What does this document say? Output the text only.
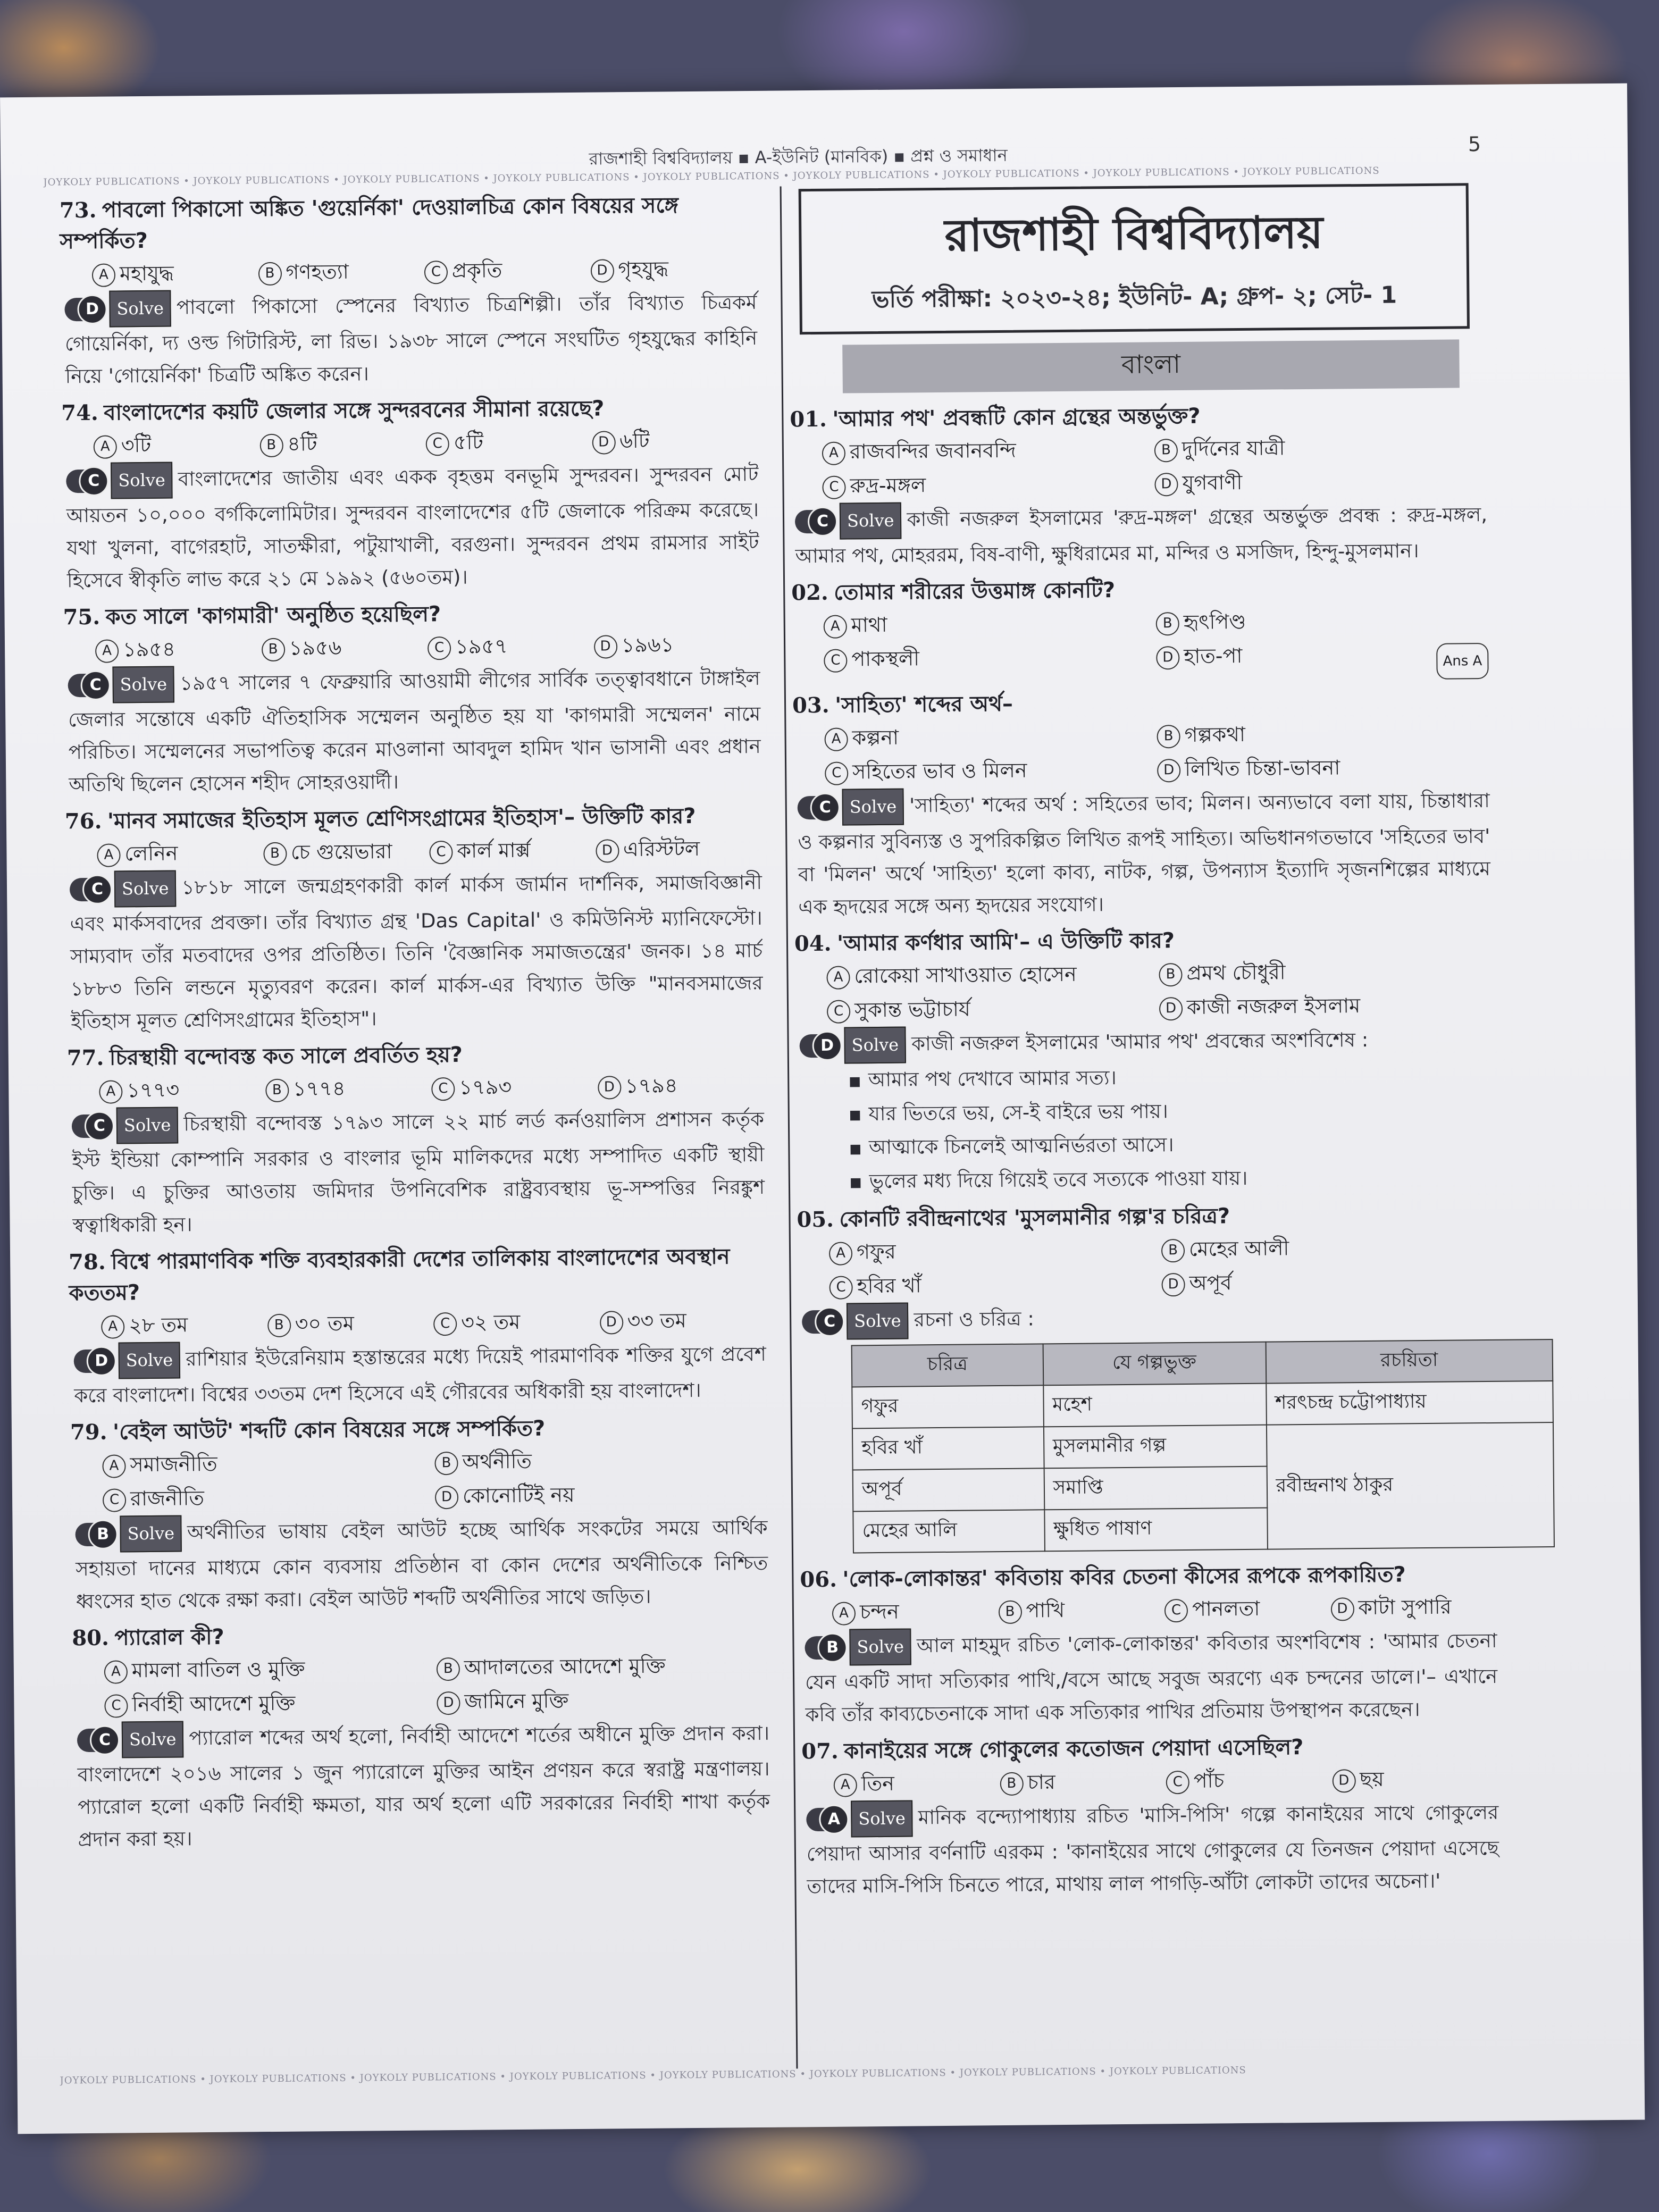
রাজশাহী বিশ্ববিদ্যালয় ▪ A-ইউনিট (মানবিক) ▪ প্রশ্ন ও সমাধান
5
JOYKOLY PUBLICATIONS • JOYKOLY PUBLICATIONS • JOYKOLY PUBLICATIONS • JOYKOLY PUBLICATIONS • JOYKOLY PUBLICATIONS • JOYKOLY PUBLICATIONS • JOYKOLY PUBLICATIONS • JOYKOLY PUBLICATIONS • JOYKOLY PUBLICATIONS
73. পাবলো পিকাসো অঙ্কিত 'গুয়ের্নিকা' দেওয়ালচিত্র কোন বিষয়ের সঙ্গে সম্পর্কিত?
A মহাযুদ্ধ	B গণহত্যা	C প্রকৃতি	D গৃহযুদ্ধ
D	Solve পাবলো পিকাসো স্পেনের বিখ্যাত চিত্রশিল্পী। তাঁর বিখ্যাত চিত্রকর্ম গোয়ের্নিকা, দ্য ওল্ড গিটারিস্ট, লা রিভ। ১৯৩৮ সালে স্পেনে সংঘটিত গৃহযুদ্ধের কাহিনি নিয়ে 'গোয়ের্নিকা' চিত্রটি অঙ্কিত করেন।
74. বাংলাদেশের কয়টি জেলার সঙ্গে সুন্দরবনের সীমানা রয়েছে?
A ৩টি	B ৪টি	C ৫টি	D ৬টি
C	Solve বাংলাদেশের জাতীয় এবং একক বৃহত্তম বনভূমি সুন্দরবন। সুন্দরবন মোট আয়তন ১০,০০০ বর্গকিলোমিটার। সুন্দরবন বাংলাদেশের ৫টি জেলাকে পরিক্রম করেছে। যথা খুলনা, বাগেরহাট, সাতক্ষীরা, পটুয়াখালী, বরগুনা। সুন্দরবন প্রথম রামসার সাইট হিসেবে স্বীকৃতি লাভ করে ২১ মে ১৯৯২ (৫৬০তম)।
75. কত সালে 'কাগমারী' অনুষ্ঠিত হয়েছিল?
A ১৯৫৪	B ১৯৫৬	C ১৯৫৭	D ১৯৬১
C	Solve ১৯৫৭ সালের ৭ ফেব্রুয়ারি আওয়ামী লীগের সার্বিক তত্ত্বাবধানে টাঙ্গাইল জেলার সন্তোষে একটি ঐতিহাসিক সম্মেলন অনুষ্ঠিত হয় যা 'কাগমারী সম্মেলন' নামে পরিচিত। সম্মেলনের সভাপতিত্ব করেন মাওলানা আবদুল হামিদ খান ভাসানী এবং প্রধান অতিথি ছিলেন হোসেন শহীদ সোহরওয়ার্দী।
76. 'মানব সমাজের ইতিহাস মূলত শ্রেণিসংগ্রামের ইতিহাস'– উক্তিটি কার?
A লেনিন	B চে গুয়েভারা	C কার্ল মার্ক্স	D এরিস্টটল
C	Solve ১৮১৮ সালে জন্মগ্রহণকারী কার্ল মার্কস জার্মান দার্শনিক, সমাজবিজ্ঞানী এবং মার্কসবাদের প্রবক্তা। তাঁর বিখ্যাত গ্রন্থ 'Das Capital' ও কমিউনিস্ট ম্যানিফেস্টো। সাম্যবাদ তাঁর মতবাদের ওপর প্রতিষ্ঠিত। তিনি 'বৈজ্ঞানিক সমাজতন্ত্রের' জনক। ১৪ মার্চ ১৮৮৩ তিনি লন্ডনে মৃত্যুবরণ করেন। কার্ল মার্কস-এর বিখ্যাত উক্তি "মানবসমাজের ইতিহাস মূলত শ্রেণিসংগ্রামের ইতিহাস"।
77. চিরস্থায়ী বন্দোবস্ত কত সালে প্রবর্তিত হয়?
A ১৭৭৩	B ১৭৭৪	C ১৭৯৩	D ১৭৯৪
C	Solve চিরস্থায়ী বন্দোবস্ত ১৭৯৩ সালে ২২ মার্চ লর্ড কর্নওয়ালিস প্রশাসন কর্তৃক ইস্ট ইন্ডিয়া কোম্পানি সরকার ও বাংলার ভূমি মালিকদের মধ্যে সম্পাদিত একটি স্থায়ী চুক্তি। এ চুক্তির আওতায় জমিদার উপনিবেশিক রাষ্ট্রব্যবস্থায় ভূ-সম্পত্তির নিরঙ্কুশ স্বত্বাধিকারী হন।
78. বিশ্বে পারমাণবিক শক্তি ব্যবহারকারী দেশের তালিকায় বাংলাদেশের অবস্থান কততম?
A ২৮ তম	B ৩০ তম	C ৩২ তম	D ৩৩ তম
D	Solve রাশিয়ার ইউরেনিয়াম হস্তান্তরের মধ্যে দিয়েই পারমাণবিক শক্তির যুগে প্রবেশ করে বাংলাদেশ। বিশ্বের ৩৩তম দেশ হিসেবে এই গৌরবের অধিকারী হয় বাংলাদেশ।
79. 'বেইল আউট' শব্দটি কোন বিষয়ের সঙ্গে সম্পর্কিত?
A সমাজনীতি	B অর্থনীতি
C রাজনীতি	D কোনোটিই নয়
B	Solve অর্থনীতির ভাষায় বেইল আউট হচ্ছে আর্থিক সংকটের সময়ে আর্থিক সহায়তা দানের মাধ্যমে কোন ব্যবসায় প্রতিষ্ঠান বা কোন দেশের অর্থনীতিকে নিশ্চিত ধ্বংসের হাত থেকে রক্ষা করা। বেইল আউট শব্দটি অর্থনীতির সাথে জড়িত।
80. প্যারোল কী?
A মামলা বাতিল ও মুক্তি	B আদালতের আদেশে মুক্তি
C নির্বাহী আদেশে মুক্তি	D জামিনে মুক্তি
C	Solve প্যারোল শব্দের অর্থ হলো, নির্বাহী আদেশে শর্তের অধীনে মুক্তি প্রদান করা। বাংলাদেশে ২০১৬ সালের ১ জুন প্যারোলে মুক্তির আইন প্রণয়ন করে স্বরাষ্ট্র মন্ত্রণালয়। প্যারোল হলো একটি নির্বাহী ক্ষমতা, যার অর্থ হলো এটি সরকারের নির্বাহী শাখা কর্তৃক প্রদান করা হয়।
রাজশাহী বিশ্ববিদ্যালয়
ভর্তি পরীক্ষা: ২০২৩-২৪; ইউনিট- A; গ্রুপ- ২; সেট- 1
বাংলা
01. 'আমার পথ' প্রবন্ধটি কোন গ্রন্থের অন্তর্ভুক্ত?
A রাজবন্দির জবানবন্দি	B দুর্দিনের যাত্রী
C রুদ্র-মঙ্গল	D যুগবাণী
C	Solve কাজী নজরুল ইসলামের 'রুদ্র-মঙ্গল' গ্রন্থের অন্তর্ভুক্ত প্রবন্ধ : রুদ্র-মঙ্গল, আমার পথ, মোহররম, বিষ-বাণী, ক্ষুধিরামের মা, মন্দির ও মসজিদ, হিন্দু-মুসলমান।
02. তোমার শরীরের উত্তমাঙ্গ কোনটি?
A মাথা	B হৃৎপিণ্ড
C পাকস্থলী	D হাত-পা	Ans A
03. 'সাহিত্য' শব্দের অর্থ–
A কল্পনা	B গল্পকথা
C সহিতের ভাব ও মিলন	D লিখিত চিন্তা-ভাবনা
C	Solve 'সাহিত্য' শব্দের অর্থ : সহিতের ভাব; মিলন। অন্যভাবে বলা যায়, চিন্তাধারা ও কল্পনার সুবিন্যস্ত ও সুপরিকল্পিত লিখিত রূপই সাহিত্য। অভিধানগতভাবে 'সহিতের ভাব' বা 'মিলন' অর্থে 'সাহিত্য' হলো কাব্য, নাটক, গল্প, উপন্যাস ইত্যাদি সৃজনশিল্পের মাধ্যমে এক হৃদয়ের সঙ্গে অন্য হৃদয়ের সংযোগ।
04. 'আমার কর্ণধার আমি'– এ উক্তিটি কার?
A রোকেয়া সাখাওয়াত হোসেন	B প্রমথ চৌধুরী
C সুকান্ত ভট্টাচার্য	D কাজী নজরুল ইসলাম
D	Solve কাজী নজরুল ইসলামের 'আমার পথ' প্রবন্ধের অংশবিশেষ :
■ আমার পথ দেখাবে আমার সত্য।
■ যার ভিতরে ভয়, সে-ই বাইরে ভয় পায়।
■ আত্মাকে চিনলেই আত্মনির্ভরতা আসে।
■ ভুলের মধ্য দিয়ে গিয়েই তবে সত্যকে পাওয়া যায়।
05. কোনটি রবীন্দ্রনাথের 'মুসলমানীর গল্প'র চরিত্র?
A গফুর	B মেহের আলী
C হবির খাঁ	D অপূর্ব
C	Solve রচনা ও চরিত্র :
চরিত্র	যে গল্পভুক্ত	রচয়িতা
গফুর	মহেশ	শরৎচন্দ্র চট্টোপাধ্যায়
হবির খাঁ	মুসলমানীর গল্প	রবীন্দ্রনাথ ঠাকুর
অপূর্ব	সমাপ্তি	
মেহের আলি	ক্ষুধিত পাষাণ	
06. 'লোক-লোকান্তর' কবিতায় কবির চেতনা কীসের রূপকে রূপকায়িত?
A চন্দন	B পাখি	C পানলতা	D কাটা সুপারি
B	Solve আল মাহমুদ রচিত 'লোক-লোকান্তর' কবিতার অংশবিশেষ : 'আমার চেতনা যেন একটি সাদা সত্যিকার পাখি,/বসে আছে সবুজ অরণ্যে এক চন্দনের ডালে।'– এখানে কবি তাঁর কাব্যচেতনাকে সাদা এক সত্যিকার পাখির প্রতিমায় উপস্থাপন করেছেন।
07. কানাইয়ের সঙ্গে গোকুলের কতোজন পেয়াদা এসেছিল?
A তিন	B চার	C পাঁচ	D ছয়
A	Solve মানিক বন্দ্যোপাধ্যায় রচিত 'মাসি-পিসি' গল্পে কানাইয়ের সাথে গোকুলের পেয়াদা আসার বর্ণনাটি এরকম : 'কানাইয়ের সাথে গোকুলের যে তিনজন পেয়াদা এসেছে তাদের মাসি-পিসি চিনতে পারে, মাথায় লাল পাগড়ি-আঁটা লোকটা তাদের অচেনা।'
JOYKOLY PUBLICATIONS • JOYKOLY PUBLICATIONS • JOYKOLY PUBLICATIONS • JOYKOLY PUBLICATIONS • JOYKOLY PUBLICATIONS • JOYKOLY PUBLICATIONS • JOYKOLY PUBLICATIONS • JOYKOLY PUBLICATIONS
